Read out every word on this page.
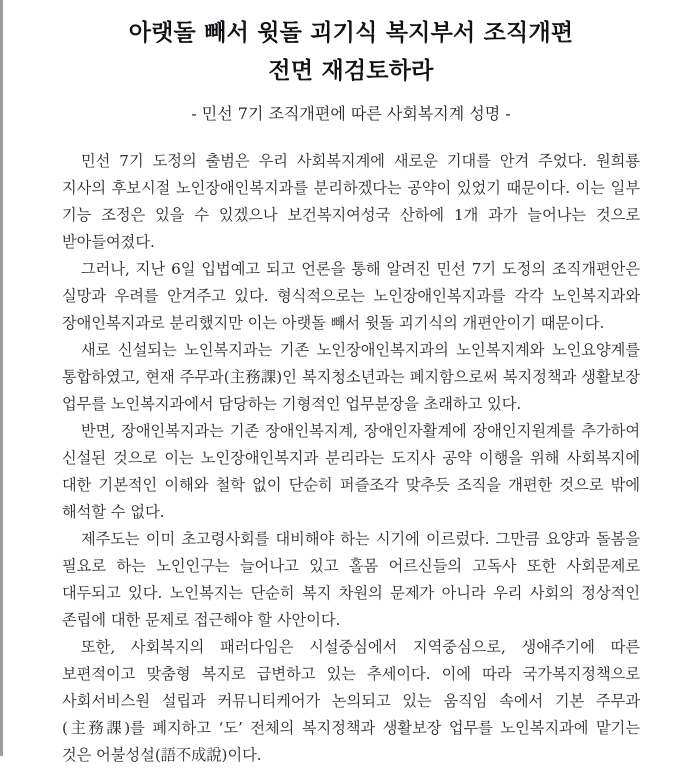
아랫돌 빼서 윗돌 괴기식 복지부서 조직개편
전면 재검토하라
- 민선 7기 조직개편에 따른 사회복지계 성명 -

민선 7기 도정의 출범은 우리 사회복지계에 새로운 기대를 안겨 주었다. 원희룡 지사의 후보시절 노인장애인복지과를 분리하겠다는 공약이 있었기 때문이다. 이는 일부 기능 조정은 있을 수 있겠으나 보건복지여성국 산하에 1개 과가 늘어나는 것으로 받아들여졌다.

그러나, 지난 6일 입법예고 되고 언론을 통해 알려진 민선 7기 도정의 조직개편안은 실망과 우려를 안겨주고 있다. 형식적으로는 노인장애인복지과를 각각 노인복지과와 장애인복지과로 분리했지만 이는 아랫돌 빼서 윗돌 괴기식의 개편안이기 때문이다.

새로 신설되는 노인복지과는 기존 노인장애인복지과의 노인복지계와 노인요양계를 통합하였고, 현재 주무과(主務課)인 복지청소년과는 폐지함으로써 복지정책과 생활보장 업무를 노인복지과에서 담당하는 기형적인 업무분장을 초래하고 있다.

반면, 장애인복지과는 기존 장애인복지계, 장애인자활계에 장애인지원계를 추가하여 신설된 것으로 이는 노인장애인복지과 분리라는 도지사 공약 이행을 위해 사회복지에 대한 기본적인 이해와 철학 없이 단순히 퍼즐조각 맞추듯 조직을 개편한 것으로 밖에 해석할 수 없다.

제주도는 이미 초고령사회를 대비해야 하는 시기에 이르렀다. 그만큼 요양과 돌봄을 필요로 하는 노인인구는 늘어나고 있고 홀몸 어르신들의 고독사 또한 사회문제로 대두되고 있다. 노인복지는 단순히 복지 차원의 문제가 아니라 우리 사회의 정상적인 존립에 대한 문제로 접근해야 할 사안이다.

또한, 사회복지의 패러다임은 시설중심에서 지역중심으로, 생애주기에 따른 보편적이고 맞춤형 복지로 급변하고 있는 추세이다. 이에 따라 국가복지정책으로 사회서비스원 설립과 커뮤니티케어가 논의되고 있는 움직임 속에서 기본 주무과(主務課)를 폐지하고 ‘도’ 전체의 복지정책과 생활보장 업무를 노인복지과에 맡기는 것은 어불성설(語不成說)이다.
